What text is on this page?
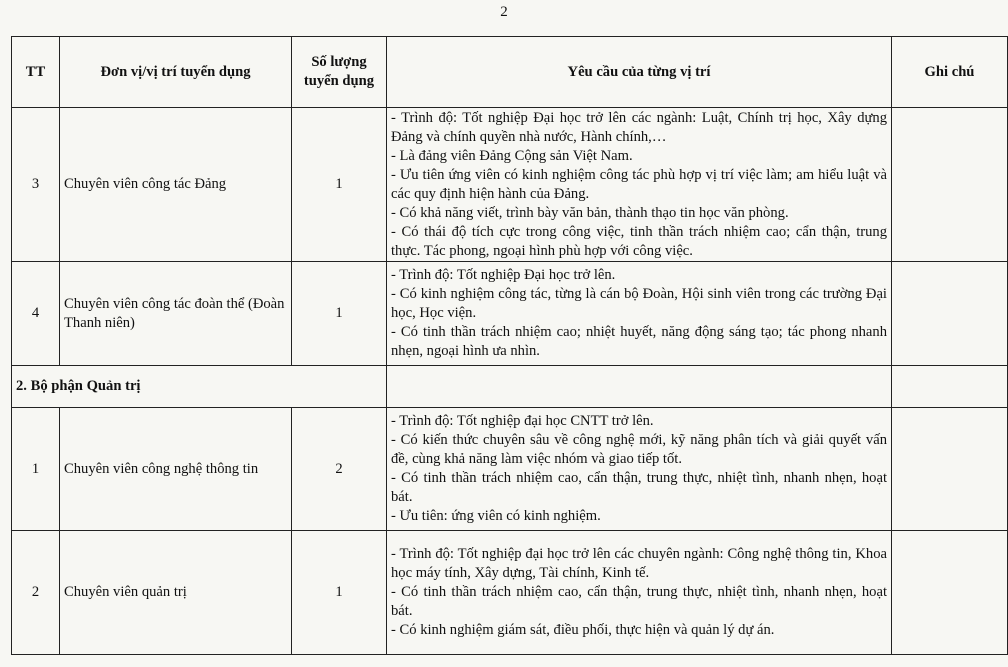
2
TT	Đơn vị/vị trí tuyển dụng	Số lượng tuyển dụng	Yêu cầu của từng vị trí	Ghi chú
3	Chuyên viên công tác Đảng	1	- Trình độ: Tốt nghiệp Đại học trở lên các ngành: Luật, Chính trị học, Xây dựng Đảng và chính quyền nhà nước, Hành chính,…
- Là đảng viên Đảng Cộng sản Việt Nam.
- Ưu tiên ứng viên có kinh nghiệm công tác phù hợp vị trí việc làm; am hiểu luật và các quy định hiện hành của Đảng.
- Có khả năng viết, trình bày văn bản, thành thạo tin học văn phòng.
- Có thái độ tích cực trong công việc, tinh thần trách nhiệm cao; cẩn thận, trung thực. Tác phong, ngoại hình phù hợp với công việc.	

4	Chuyên viên công tác đoàn thể (Đoàn Thanh niên)	1	- Trình độ: Tốt nghiệp Đại học trở lên.
- Có kinh nghiệm công tác, từng là cán bộ Đoàn, Hội sinh viên trong các trường Đại học, Học viện.
- Có tinh thần trách nhiệm cao; nhiệt huyết, năng động sáng tạo; tác phong nhanh nhẹn, ngoại hình ưa nhìn.	

2. Bộ phận Quản trị				
1	Chuyên viên công nghệ thông tin	2	- Trình độ: Tốt nghiệp đại học CNTT trở lên.
- Có kiến thức chuyên sâu về công nghệ mới, kỹ năng phân tích và giải quyết vấn đề, cùng khả năng làm việc nhóm và giao tiếp tốt.
- Có tinh thần trách nhiệm cao, cẩn thận, trung thực, nhiệt tình, nhanh nhẹn, hoạt bát.
- Ưu tiên: ứng viên có kinh nghiệm.	

2	Chuyên viên quản trị	1	- Trình độ: Tốt nghiệp đại học trở lên các chuyên ngành: Công nghệ thông tin, Khoa học máy tính, Xây dựng, Tài chính, Kinh tế.
- Có tinh thần trách nhiệm cao, cẩn thận, trung thực, nhiệt tình, nhanh nhẹn, hoạt bát.
- Có kinh nghiệm giám sát, điều phối, thực hiện và quản lý dự án.	
